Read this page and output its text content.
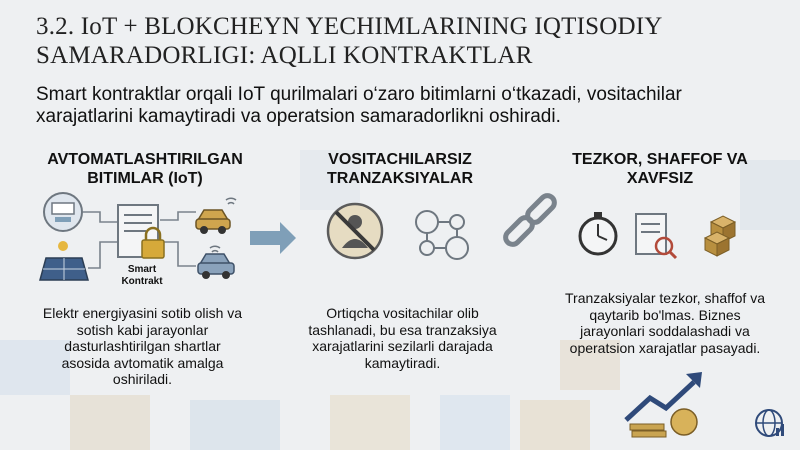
3.2. IoT + BLOKCHEYN YECHIMLARINING IQTISODIY SAMARADORLIGI: AQLLI KONTRAKTLAR
Smart kontraktlar orqali IoT qurilmalari o‘zaro bitimlarni o‘tkazadi, vositachilar xarajatlarini kamaytiradi va operatsion samaradorlikni oshiradi.
AVTOMATLASHTIRILGAN BITIMLAR (IoT)
VOSITACHILARSIZ TRANZAKSIYALAR
TEZKOR, SHAFFOF VA XAVFSIZ
Smart Kontrakt
Elektr energiyasini sotib olish va sotish kabi jarayonlar dasturlashtirilgan shartlar asosida avtomatik amalga oshiriladi.
Ortiqcha vositachilar olib tashlanadi, bu esa tranzaksiya xarajatlarini sezilarli darajada kamaytiradi.
Tranzaksiyalar tezkor, shaffof va qaytarib bo'lmas. Biznes jarayonlari soddalashadi va operatsion xarajatlar pasayadi.
